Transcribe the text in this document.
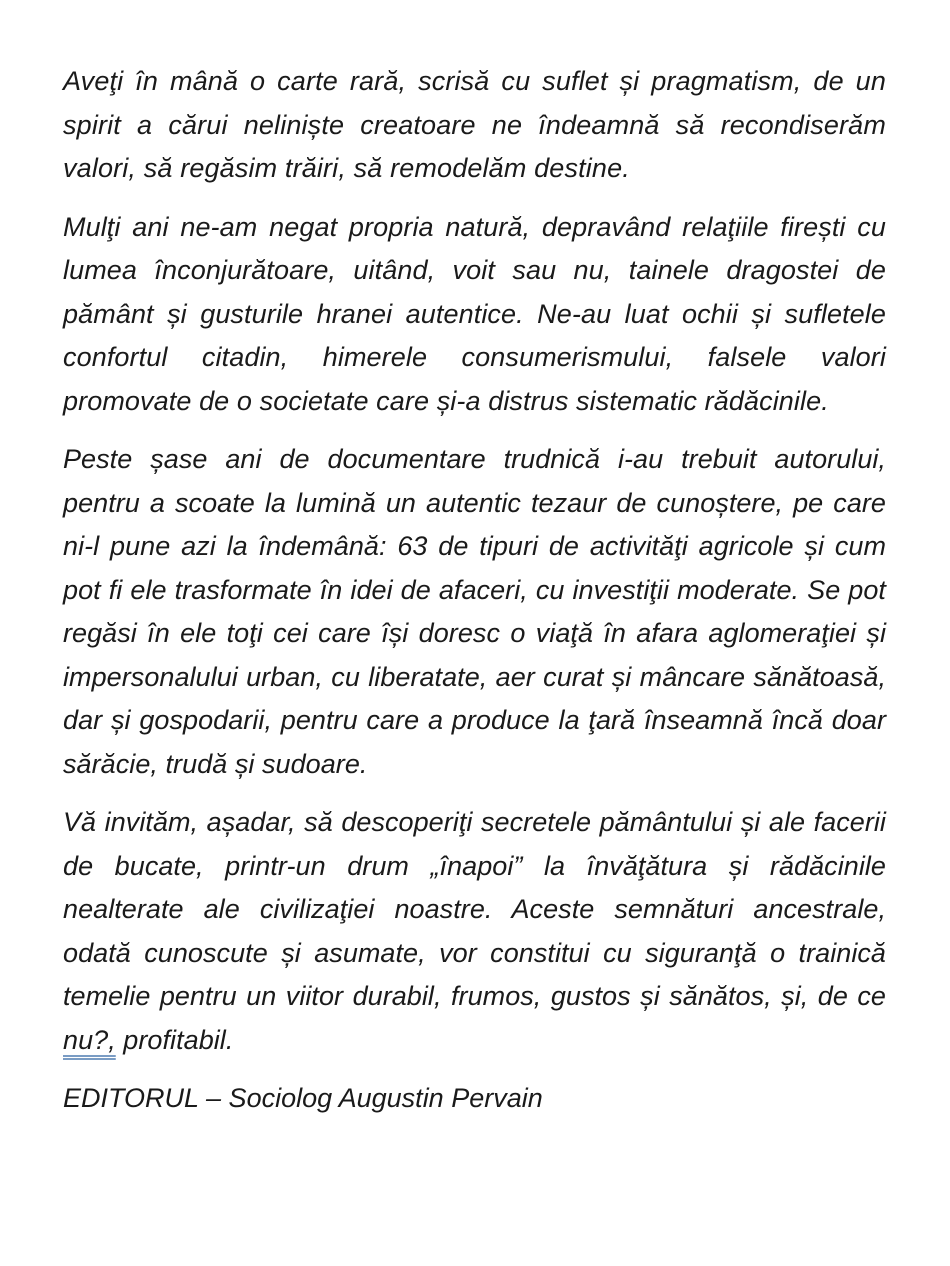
Aveţi în mână o carte rară, scrisă cu suflet și pragmatism, de un spirit a cărui neliniște creatoare ne îndeamnă să recondiserăm valori, să regăsim trăiri, să remodelăm destine.

Mulţi ani ne-am negat propria natură, depravând relaţiile firești cu lumea înconjurătoare, uitând, voit sau nu, tainele dragostei de pământ și gusturile hranei autentice. Ne-au luat ochii și sufletele confortul citadin, himerele consumerismului, falsele valori promovate de o societate care și-a distrus sistematic rădăcinile.

Peste șase ani de documentare trudnică i-au trebuit autorului, pentru a scoate la lumină un autentic tezaur de cunoștere, pe care ni-l pune azi la îndemână: 63 de tipuri de activităţi agricole și cum pot fi ele trasformate în idei de afaceri, cu investiţii moderate. Se pot regăsi în ele toţi cei care își doresc o viaţă în afara aglomeraţiei și impersonalului urban, cu liberatate, aer curat și mâncare sănătoasă, dar și gospodarii, pentru care a produce la ţară înseamnă încă doar sărăcie, trudă și sudoare.

Vă invităm, așadar, să descoperiţi secretele pământului și ale facerii de bucate, printr-un drum „înapoi” la învăţătura și rădăcinile nealterate ale civilizaţiei noastre. Aceste semnături ancestrale, odată cunoscute și asumate, vor constitui cu siguranţă o trainică temelie pentru un viitor durabil, frumos, gustos și sănătos, și, de ce nu?, profitabil.

EDITORUL – Sociolog Augustin Pervain
